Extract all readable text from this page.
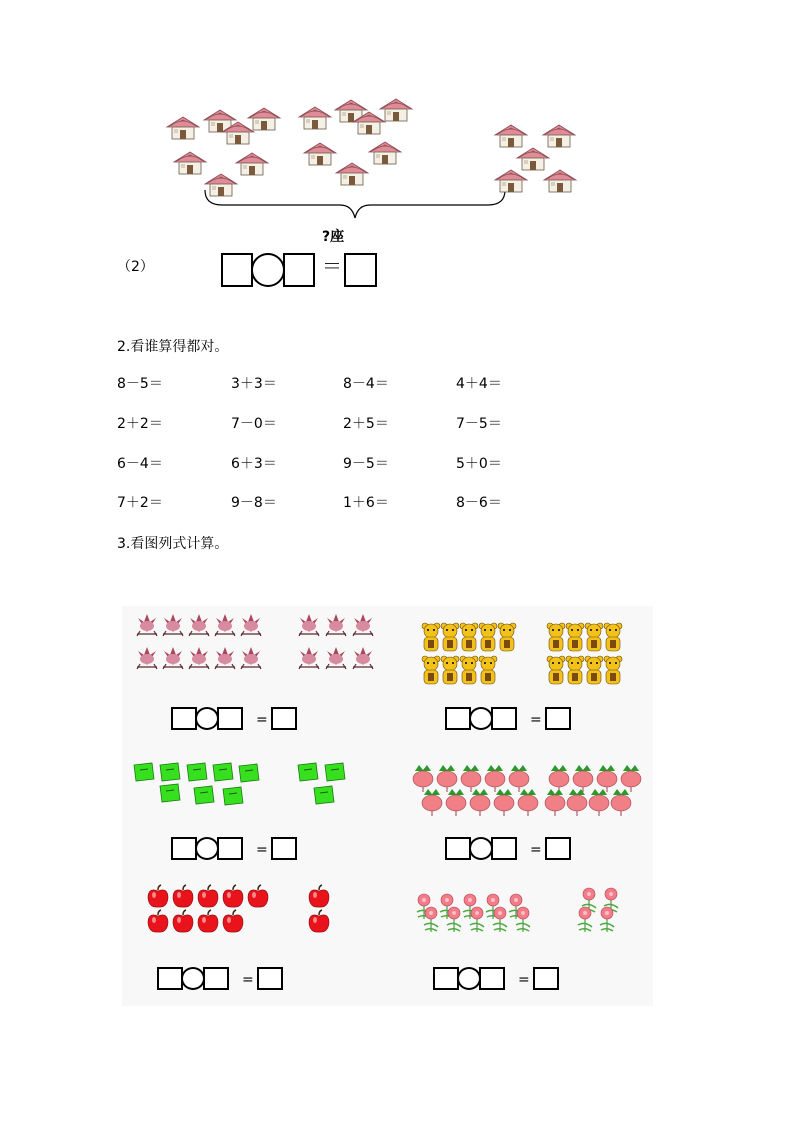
?座
（2）	＝
2.看谁算得都对。
8－5＝	3＋3＝	8－4＝	4＋4＝
2＋2＝	7－0＝	2＋5＝	7－5＝
6－4＝	6＋3＝	9－5＝	5＋0＝
7＋2＝	9－8＝	1＋6＝	8－6＝
3.看图列式计算。
=	=
=	=
=	=
